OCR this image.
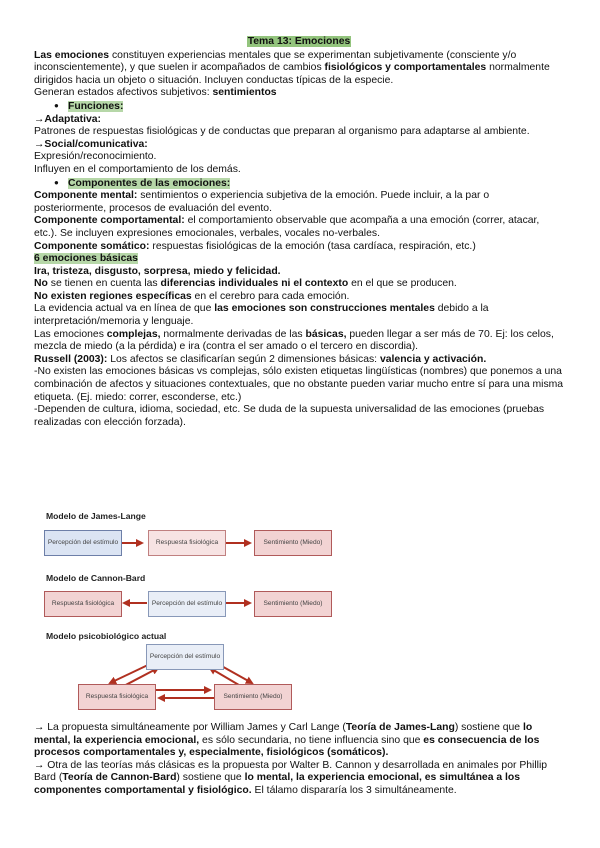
Tema 13: Emociones

Las emociones constituyen experiencias mentales que se experimentan subjetivamente (consciente y/o inconscientemente), y que suelen ir acompañados de cambios fisiológicos y comportamentales normalmente dirigidos hacia un objeto o situación. Incluyen conductas típicas de la especie.

Generan estados afectivos subjetivos: sentimientos

● Funciones:

→Adaptativa:

Patrones de respuestas fisiológicas y de conductas que preparan al organismo para adaptarse al ambiente.

→Social/comunicativa:

Expresión/reconocimiento.

Influyen en el comportamiento de los demás.

● Componentes de las emociones:

Componente mental: sentimientos o experiencia subjetiva de la emoción. Puede incluir, a la par o posteriormente, procesos de evaluación del evento.

Componente comportamental: el comportamiento observable que acompaña a una emoción (correr, atacar, etc.). Se incluyen expresiones emocionales, verbales, vocales no-verbales.

Componente somático: respuestas fisiológicas de la emoción (tasa cardíaca, respiración, etc.)

6 emociones básicas

Ira, tristeza, disgusto, sorpresa, miedo y felicidad.

No se tienen en cuenta las diferencias individuales ni el contexto en el que se producen.

No existen regiones específicas en el cerebro para cada emoción.

La evidencia actual va en línea de que las emociones son construcciones mentales debido a la interpretación/memoria y lenguaje.

Las emociones complejas, normalmente derivadas de las básicas, pueden llegar a ser más de 70. Ej: los celos, mezcla de miedo (a la pérdida) e ira (contra el ser amado o el tercero en discordia).

Russell (2003): Los afectos se clasificarían según 2 dimensiones básicas: valencia y activación.

-No existen las emociones básicas vs complejas, sólo existen etiquetas lingüísticas (nombres) que ponemos a una combinación de afectos y situaciones contextuales, que no obstante pueden variar mucho entre sí para una misma etiqueta. (Ej. miedo: correr, esconderse, etc.)

-Dependen de cultura, idioma, sociedad, etc. Se duda de la supuesta universalidad de las emociones (pruebas realizadas con elección forzada).

Modelo de James-Lange
Percepción del estímulo	Respuesta fisiológica	Sentimiento (Miedo)
Modelo de Cannon-Bard
Respuesta fisiológica	Percepción del estímulo	Sentimiento (Miedo)
Modelo psicobiológico actual
Percepción del estímulo
Respuesta fisiológica	Sentimiento (Miedo)

→ La propuesta simultáneamente por William James y Carl Lange (Teoría de James-Lang) sostiene que lo mental, la experiencia emocional, es sólo secundaria, no tiene influencia sino que es consecuencia de los procesos comportamentales y, especialmente, fisiológicos (somáticos).

→ Otra de las teorías más clásicas es la propuesta por Walter B. Cannon y desarrollada en animales por Phillip Bard (Teoría de Cannon-Bard) sostiene que lo mental, la experiencia emocional, es simultánea a los componentes comportamental y fisiológico. El tálamo dispararía los 3 simultáneamente.
